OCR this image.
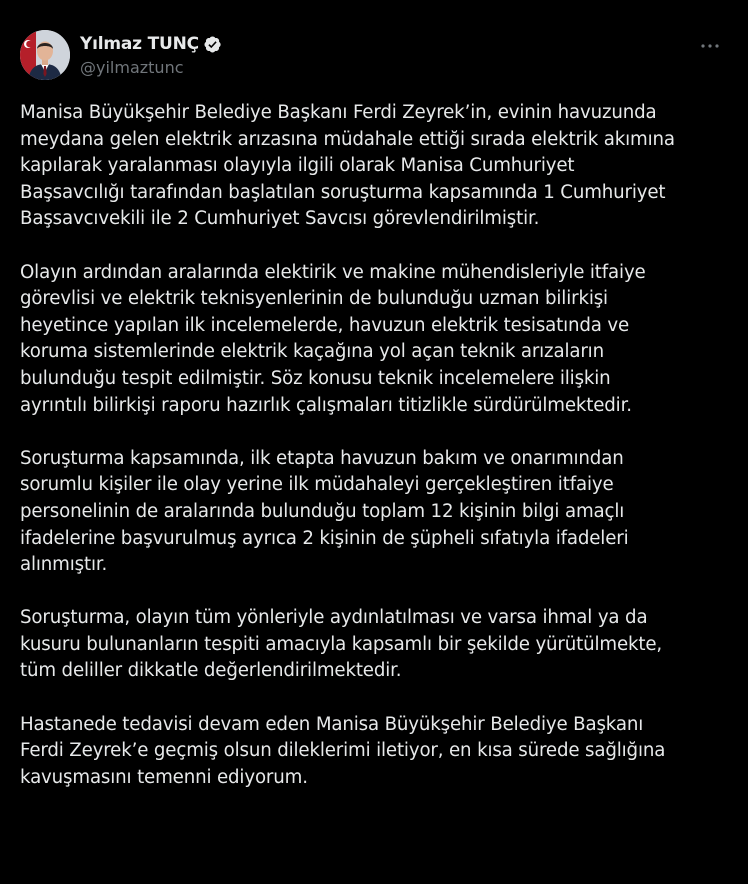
Yılmaz TUNÇ
@yilmaztunc

Manisa Büyükşehir Belediye Başkanı Ferdi Zeyrek’in, evinin havuzunda
meydana gelen elektrik arızasına müdahale ettiği sırada elektrik akımına
kapılarak yaralanması olayıyla ilgili olarak Manisa Cumhuriyet
Başsavcılığı tarafından başlatılan soruşturma kapsamında 1 Cumhuriyet
Başsavcıvekili ile 2 Cumhuriyet Savcısı görevlendirilmiştir.

Olayın ardından aralarında elektirik ve makine mühendisleriyle itfaiye
görevlisi ve elektrik teknisyenlerinin de bulunduğu uzman bilirkişi
heyetince yapılan ilk incelemelerde, havuzun elektrik tesisatında ve
koruma sistemlerinde elektrik kaçağına yol açan teknik arızaların
bulunduğu tespit edilmiştir. Söz konusu teknik incelemelere ilişkin
ayrıntılı bilirkişi raporu hazırlık çalışmaları titizlikle sürdürülmektedir.

Soruşturma kapsamında, ilk etapta havuzun bakım ve onarımından
sorumlu kişiler ile olay yerine ilk müdahaleyi gerçekleştiren itfaiye
personelinin de aralarında bulunduğu toplam 12 kişinin bilgi amaçlı
ifadelerine başvurulmuş ayrıca 2 kişinin de şüpheli sıfatıyla ifadeleri
alınmıştır.

Soruşturma, olayın tüm yönleriyle aydınlatılması ve varsa ihmal ya da
kusuru bulunanların tespiti amacıyla kapsamlı bir şekilde yürütülmekte,
tüm deliller dikkatle değerlendirilmektedir.

Hastanede tedavisi devam eden Manisa Büyükşehir Belediye Başkanı
Ferdi Zeyrek’e geçmiş olsun dileklerimi iletiyor, en kısa sürede sağlığına
kavuşmasını temenni ediyorum.
